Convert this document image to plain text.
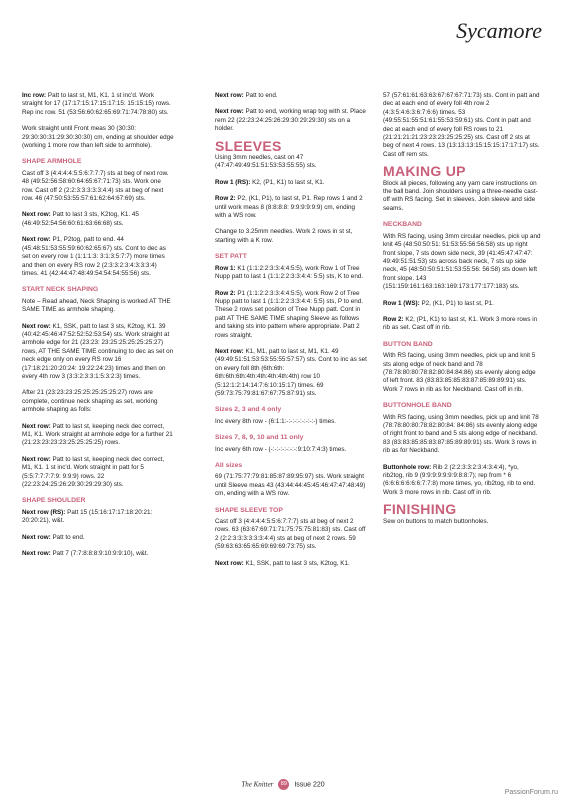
Sycamore
Inc row: Patt to last st, M1, K1. 1 st inc'd. Work straight for 17 (17:17:15:17:15:17:15: 15:15:15) rows. Rep inc row. 51 (53:56:60:62:65:69:71:74:78:80) sts.
Work straight until Front meas 30 (30:30: 29:30:30:31:29:30:30:30) cm, ending at shoulder edge (working 1 more row than left side to armhole).
SHAPE ARMHOLE
Cast off 3 (4:4:4:4:5:5:6:7:7:7) sts at beg of next row. 48 (49:52:56:58:60:64:65:67:71:73) sts. Work one row. Cast off 2 (2:2:3:3:3:3:3:4:4) sts at beg of next row. 46 (47:50:53:55:57:61:62:64:67:69) sts.
Next row: Patt to last 3 sts, K2tog, K1. 45 (46:49:52:54:56:60:61:63:66:68) sts.
Next row: P1, P2tog, patt to end. 44 (45:48:51:53:55:59:60:62:65:67) sts. Cont to dec as set on every row 1 (1:1:1:3: 3:1:3:5:7:7) more times and then on every RS row 2 (2:3:3:2:3:4:3:3:3:4) times. 41 (42:44:47:48:49:54:54:54:55:56) sts.
START NECK SHAPING
Note – Read ahead, Neck Shaping is worked AT THE SAME TIME as armhole shaping.
Next row: K1, SSK, patt to last 3 sts, K2tog, K1. 39 (40:42:45:46:47:52:52:52:53:54) sts. Work straight at armhole edge for 21 (23:23: 23:25:25:25:25:25:27) rows, AT THE SAME TIME continuing to dec as set on neck edge only on every RS row 16 (17:18:21:20:20:24: 19:22:24:23) times and then on every 4th row 3 (3:3:2:3:3:1:5:3:2:3) times.
After 21 (23:23:23:25:25:25:25:25:27) rows are complete, continue neck shaping as set, working armhole shaping as folls:
Next row: Patt to last st, keeping neck dec correct, M1, K1. Work straight at armhole edge for a further 21 (21:23:23:23:23:25:25:25:25) rows.
Next row: Patt to last st, keeping neck dec correct, M1, K1. 1 st inc'd. Work straight in patt for 5 (5:5:7:7:7:7:9: 9:9:9) rows. 22 (22:23:24:25:26:29:30:29:29:30) sts.
SHAPE SHOULDER
Next row (RS): Patt 15 (15:16:17:17:18:20:21: 20:20:21), w&t.
Next row: Patt to end.
Next row: Patt 7 (7:7:8:8:8:9:10:9:9:10), w&t.
Next row: Patt to end.
Next row: Patt to end, working wrap tog with st. Place rem 22 (22:23:24:25:26:29:30:29:29:30) sts on a holder.
SLEEVES
Using 3mm needles, cast on 47 (47:47:49:49:51:51:53:53:55:55) sts.
Row 1 (RS): K2, (P1, K1) to last st, K1.
Row 2: P2, (K1, P1), to last st, P1. Rep rows 1 and 2 until work meas 8 (8:8:8:8: 9:9:9:9:9:9) cm, ending with a WS row.
Change to 3.25mm needles. Work 2 rows in st st, starting with a K row.
SET PATT
Row 1: K1 (1:1:2:2:3:3:4:4:5:5), work Row 1 of Tree Nupp patt to last 1 (1:1:2:2:3:3:4:4: 5:5) sts, K to end.
Row 2: P1 (1:1:2:2:3:3:4:4:5:5), work Row 2 of Tree Nupp patt to last 1 (1:1:2:2:3:3:4:4: 5:5) sts, P to end. These 2 rows set position of Tree Nupp patt. Cont in patt AT THE SAME TIME shaping Sleeve as follows and taking sts into pattern where appropriate. Patt 2 rows straight.
Next row: K1, M1, patt to last st, M1, K1. 49 (49:49:51:51:53:53:55:55:57:57) sts. Cont to inc as set on every foll 8th (6th:6th: 6th:6th:6th:4th:4th:4th:4th:4th) row 10 (5:12:1:2:14:14:7:6:10:15:17) times. 69 (59:73:75:79:81:67:67:75:87:91) sts.
Sizes 2, 3 and 4 only
Inc every 8th row - (6:1:1:-:-:-:-:-:-:-:-) times.
Sizes 7, 8, 9, 10 and 11 only
Inc every 6th row - (-:-:-:-:-:-:-:9:10:7:4:3) times.
All sizes
69 (71:75:77:79:81:85:87:89:95:97) sts. Work straight until Sleeve meas 43 (43:44:44:45:45:46:47:47:48:49) cm, ending with a WS row.
SHAPE SLEEVE TOP
Cast off 3 (4:4:4:4:5:5:6:7:7:7) sts at beg of next 2 rows. 63 (63:67:69:71:71:75:75:75:81:83) sts. Cast off 2 (2:2:3:3:3:3:3:3:4:4) sts at beg of next 2 rows. 59 (59:63:63:65:65:69:69:69:73:75) sts.
Next row: K1, SSK, patt to last 3 sts, K2tog, K1.
57 (57:61:61:63:63:67:67:67:71:73) sts. Cont in patt and dec at each end of every foll 4th row 2 (4:3:5:4:6:3:6:7:6:6) times. 53 (49:55:51:55:51:61:55:53:59:61) sts. Cont in patt and dec at each end of every foll RS rows to 21 (21:21:21:21:23:23:23:25:25:25) sts. Cast off 2 sts at beg of next 4 rows. 13 (13:13:13:15:15:15:17:17:17) sts. Cast off rem sts.
MAKING UP
Block all pieces, following any yarn care instructions on the ball band. Join shoulders using a three-needle cast-off with RS facing. Set in sleeves. Join sleeve and side seams.
NECKBAND
With RS facing, using 3mm circular needles, pick up and knit 45 (48:50:50:51: 51:53:55:56:56:58) sts up right front slope, 7 sts down side neck, 39 (41:45:47:47:47: 49:49:51:51:53) sts across back neck, 7 sts up side neck, 45 (48:50:50:51:51:53:55:56: 56:58) sts down left front slope. 143 (151:159:161:163:163:169:173:177:177:183) sts.
Row 1 (WS): P2, (K1, P1) to last st, P1.
Row 2: K2, (P1, K1) to last st, K1. Work 3 more rows in rib as set. Cast off in rib.
BUTTON BAND
With RS facing, using 3mm needles, pick up and knit 5 sts along edge of neck band and 78 (78:78:80:80:78:82:80:84:84:86) sts evenly along edge of left front. 83 (83:83:85:85:83:87:85:89:89:91) sts. Work 7 rows in rib as for Neckband. Cast off in rib.
BUTTONHOLE BAND
With RS facing, using 3mm needles, pick up and knit 78 (78:78:80:80:78:82:80:84: 84:86) sts evenly along edge of right front to band and 5 sts along edge of neckband. 83 (83:83:85:85:83:87:85:89:89:91) sts. Work 3 rows in rib as for Neckband.
Buttonhole row: Rib 2 (2:2:3:3:2:3:4:3:4:4), *yo, rib2tog, rib 9 (9:9:9:9:9:9:9:8:8:7); rep from * 6 (6:6:6:6:6:6:6:7:7:8) more times, yo, rib2tog, rib to end. Work 3 more rows in rib. Cast off in rib.
FINISHING
Sew on buttons to match buttonholes.
The Knitter 89 Issue 220
PassionForum.ru
